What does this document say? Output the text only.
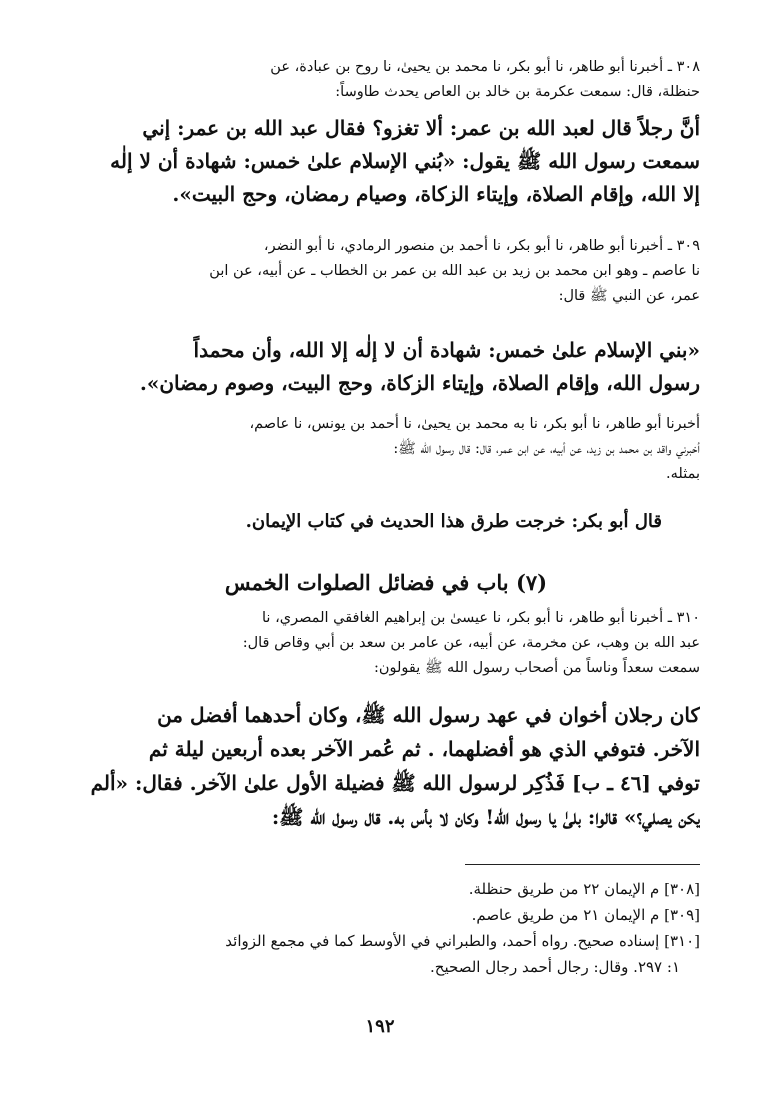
٣٠٨ ـ أخبرنا أبو طاهر، نا أبو بكر، نا محمد بن يحيىٰ، نا روح بن عبادة، عن
حنظلة، قال: سمعت عكرمة بن خالد بن العاص يحدث طاوساً:
أنَّ رجلاً قال لعبد الله بن عمر: ألا تغزو؟ فقال عبد الله بن عمر: إني
سمعت رسول الله ﷺ يقول: «بُني الإسلام علىٰ خمس: شهادة أن لا إلٰه
إلا الله، وإقام الصلاة، وإيتاء الزكاة، وصيام رمضان، وحج البيت».
٣٠٩ ـ أخبرنا أبو طاهر، نا أبو بكر، نا أحمد بن منصور الرمادي، نا أبو النضر،
نا عاصم ـ وهو ابن محمد بن زيد بن عبد الله بن عمر بن الخطاب ـ عن أبيه، عن ابن
عمر، عن النبي ﷺ قال:
«بني الإسلام علىٰ خمس: شهادة أن لا إلٰه إلا الله، وأن محمداً
رسول الله، وإقام الصلاة، وإيتاء الزكاة، وحج البيت، وصوم رمضان».
أخبرنا أبو طاهر، نا أبو بكر، نا به محمد بن يحيىٰ، نا أحمد بن يونس، نا عاصم،
أخبرني واقد بن محمد بن زيد، عن أبيه، عن ابن عمر، قال: قال رسول الله ﷺ:
بمثله.
قال أبو بكر: خرجت طرق هذا الحديث في كتاب الإيمان.
(٧) باب في فضائل الصلوات الخمس
٣١٠ ـ أخبرنا أبو طاهر، نا أبو بكر، نا عيسىٰ بن إبراهيم الغافقي المصري، نا
عبد الله بن وهب، عن مخرمة، عن أبيه، عن عامر بن سعد بن أبي وقاص قال:
سمعت سعداً وناساً من أصحاب رسول الله ﷺ يقولون:
كان رجلان أخوان في عهد رسول الله ﷺ، وكان أحدهما أفضل من
الآخر. فتوفي الذي هو أفضلهما، . ثم عُمر الآخر بعده أربعين ليلة ثم
توفي [٤٦ ـ ب] فَذُكِر لرسول الله ﷺ فضيلة الأول علىٰ الآخر. فقال: «ألم
يكن يصلي؟» قالوا: بلىٰ يا رسول الله! وكان لا بأس به. قال رسول الله ﷺ:
[٣٠٨] م الإيمان ٢٢ من طريق حنظلة.
[٣٠٩] م الإيمان ٢١ من طريق عاصم.
[٣١٠] إسناده صحيح. رواه أحمد، والطبراني في الأوسط كما في مجمع الزوائد
١: ٢٩٧. وقال: رجال أحمد رجال الصحيح.
١٩٢
